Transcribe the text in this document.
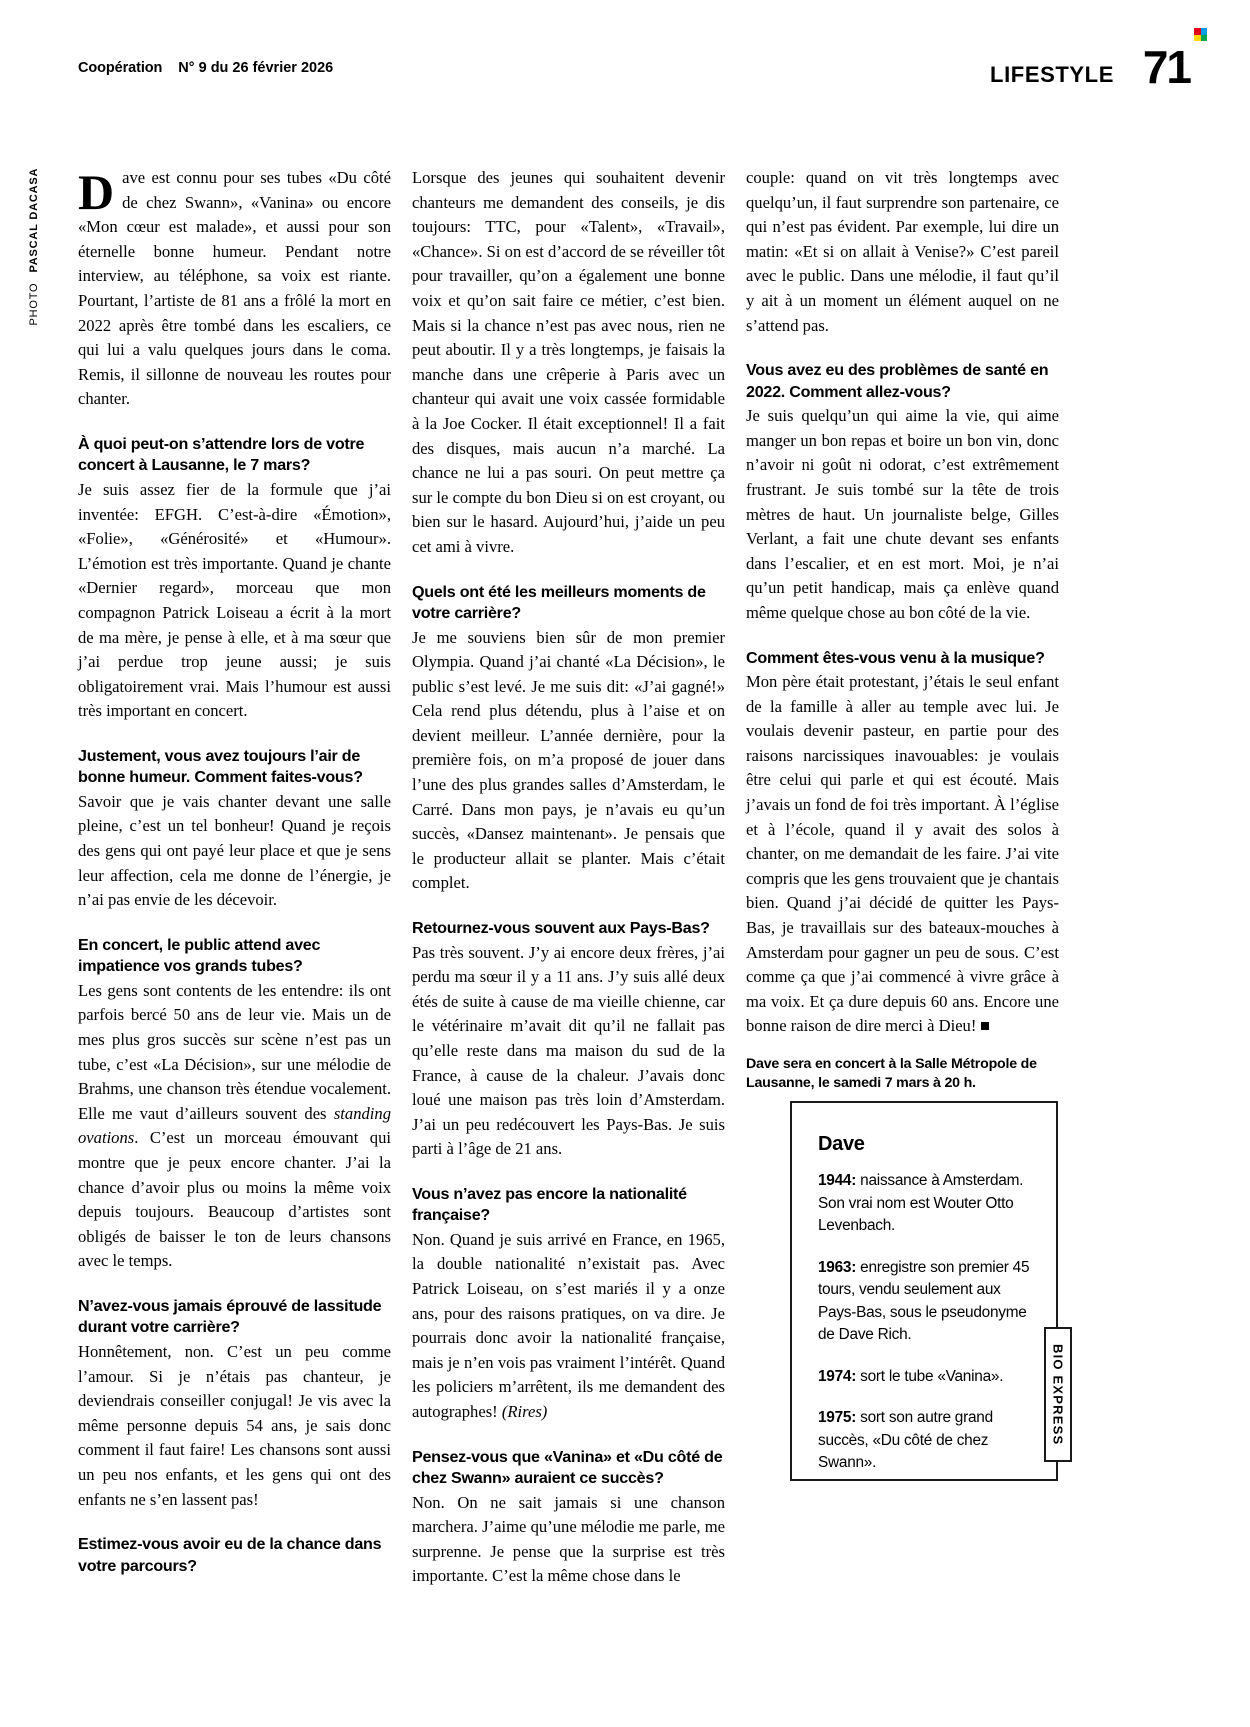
Coopération N° 9 du 26 février 2026	LIFESTYLE 71
PHOTO PASCAL DACASA Dave est connu pour ses tubes «Du côté de chez Swann», «Vanina» ou encore «Mon cœur est malade», et aussi pour son éternelle bonne humeur. Pendant notre interview, au téléphone, sa voix est riante. Pourtant, l’artiste de 81 ans a frôlé la mort en 2022 après être tombé dans les escaliers, ce qui lui a valu quelques jours dans le coma. Remis, il sillonne de nouveau les routes pour chanter.

À quoi peut-on s’attendre lors de votre concert à Lausanne, le 7 mars?

Je suis assez fier de la formule que j’ai inventée: EFGH. C’est-à-dire «Émotion», «Folie», «Générosité» et «Humour». L’émotion est très importante. Quand je chante «Dernier regard», morceau que mon compagnon Patrick Loiseau a écrit à la mort de ma mère, je pense à elle, et à ma sœur que j’ai perdue trop jeune aussi; je suis obligatoirement vrai. Mais l’humour est aussi très important en concert.

Justement, vous avez toujours l’air de bonne humeur. Comment faites-vous?

Savoir que je vais chanter devant une salle pleine, c’est un tel bonheur! Quand je reçois des gens qui ont payé leur place et que je sens leur affection, cela me donne de l’énergie, je n’ai pas envie de les décevoir.

En concert, le public attend avec impatience vos grands tubes?

Les gens sont contents de les entendre: ils ont parfois bercé 50 ans de leur vie. Mais un de mes plus gros succès sur scène n’est pas un tube, c’est «La Décision», sur une mélodie de Brahms, une chanson très étendue vocalement. Elle me vaut d’ailleurs souvent des standing ovations. C’est un morceau émouvant qui montre que je peux encore chanter. J’ai la chance d’avoir plus ou moins la même voix depuis toujours. Beaucoup d’artistes sont obligés de baisser le ton de leurs chansons avec le temps.

N’avez-vous jamais éprouvé de lassitude durant votre carrière?

Honnêtement, non. C’est un peu comme l’amour. Si je n’étais pas chanteur, je deviendrais conseiller conjugal! Je vis avec la même personne depuis 54 ans, je sais donc comment il faut faire! Les chansons sont aussi un peu nos enfants, et les gens qui ont des enfants ne s’en lassent pas!

Estimez-vous avoir eu de la chance dans votre parcours?

Lorsque des jeunes qui souhaitent devenir chanteurs me demandent des conseils, je dis toujours: TTC, pour «Talent», «Travail», «Chance». Si on est d’accord de se réveiller tôt pour travailler, qu’on a également une bonne voix et qu’on sait faire ce métier, c’est bien. Mais si la chance n’est pas avec nous, rien ne peut aboutir. Il y a très longtemps, je faisais la manche dans une crêperie à Paris avec un chanteur qui avait une voix cassée formidable à la Joe Cocker. Il était exceptionnel! Il a fait des disques, mais aucun n’a marché. La chance ne lui a pas souri. On peut mettre ça sur le compte du bon Dieu si on est croyant, ou bien sur le hasard. Aujourd’hui, j’aide un peu cet ami à vivre.

Quels ont été les meilleurs moments de votre carrière?

Je me souviens bien sûr de mon premier Olympia. Quand j’ai chanté «La Décision», le public s’est levé. Je me suis dit: «J’ai gagné!» Cela rend plus détendu, plus à l’aise et on devient meilleur. L’année dernière, pour la première fois, on m’a proposé de jouer dans l’une des plus grandes salles d’Amsterdam, le Carré. Dans mon pays, je n’avais eu qu’un succès, «Dansez maintenant». Je pensais que le producteur allait se planter. Mais c’était complet.

Retournez-vous souvent aux Pays-Bas?

Pas très souvent. J’y ai encore deux frères, j’ai perdu ma sœur il y a 11 ans. J’y suis allé deux étés de suite à cause de ma vieille chienne, car le vétérinaire m’avait dit qu’il ne fallait pas qu’elle reste dans ma maison du sud de la France, à cause de la chaleur. J’avais donc loué une maison pas très loin d’Amsterdam. J’ai un peu redécouvert les Pays-Bas. Je suis parti à l’âge de 21 ans.

Vous n’avez pas encore la nationalité française?

Non. Quand je suis arrivé en France, en 1965, la double nationalité n’existait pas. Avec Patrick Loiseau, on s’est mariés il y a onze ans, pour des raisons pratiques, on va dire. Je pourrais donc avoir la nationalité française, mais je n’en vois pas vraiment l’intérêt. Quand les policiers m’arrêtent, ils me demandent des autographes! (Rires)

Pensez-vous que «Vanina» et «Du côté de chez Swann» auraient ce succès?

Non. On ne sait jamais si une chanson marchera. J’aime qu’une mélodie me parle, me surprenne. Je pense que la surprise est très importante. C’est la même chose dans le

couple: quand on vit très longtemps avec quelqu’un, il faut surprendre son partenaire, ce qui n’est pas évident. Par exemple, lui dire un matin: «Et si on allait à Venise?» C’est pareil avec le public. Dans une mélodie, il faut qu’il y ait à un moment un élément auquel on ne s’attend pas.

Vous avez eu des problèmes de santé en 2022. Comment allez-vous?

Je suis quelqu’un qui aime la vie, qui aime manger un bon repas et boire un bon vin, donc n’avoir ni goût ni odorat, c’est extrêmement frustrant. Je suis tombé sur la tête de trois mètres de haut. Un journaliste belge, Gilles Verlant, a fait une chute devant ses enfants dans l’escalier, et en est mort. Moi, je n’ai qu’un petit handicap, mais ça enlève quand même quelque chose au bon côté de la vie.

Comment êtes-vous venu à la musique?

Mon père était protestant, j’étais le seul enfant de la famille à aller au temple avec lui. Je voulais devenir pasteur, en partie pour des raisons narcissiques inavouables: je voulais être celui qui parle et qui est écouté. Mais j’avais un fond de foi très important. À l’église et à l’école, quand il y avait des solos à chanter, on me demandait de les faire. J’ai vite compris que les gens trouvaient que je chantais bien. Quand j’ai décidé de quitter les Pays-Bas, je travaillais sur des bateaux-mouches à Amsterdam pour gagner un peu de sous. C’est comme ça que j’ai commencé à vivre grâce à ma voix. Et ça dure depuis 60 ans. Encore une bonne raison de dire merci à Dieu!

Dave sera en concert à la Salle Métropole de Lausanne, le samedi 7 mars à 20 h.

Dave

1944: naissance à Amsterdam. Son vrai nom est Wouter Otto Levenbach.

1963: enregistre son premier 45 tours, vendu seulement aux Pays-Bas, sous le pseudonyme de Dave Rich.

1974: sort le tube «Vanina».

1975: sort son autre grand succès, «Du côté de chez Swann».

BIO EXPRESS
